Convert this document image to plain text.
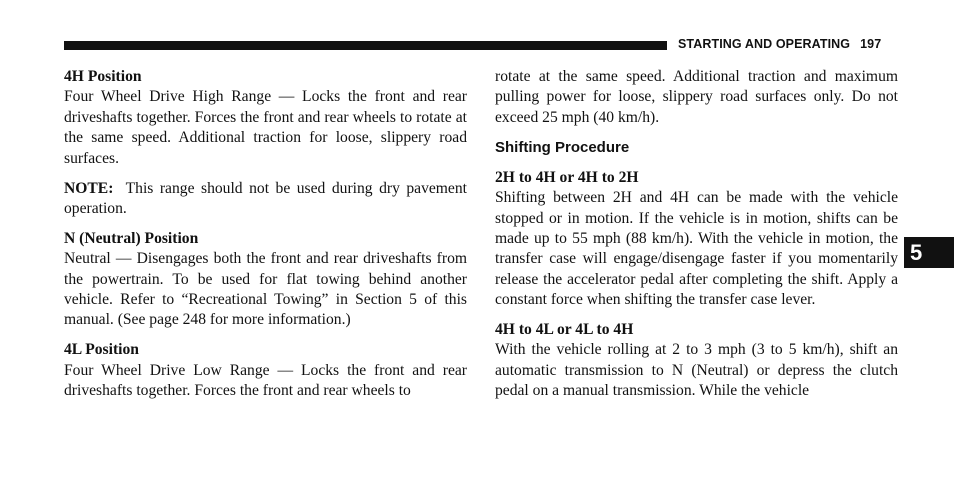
STARTING AND OPERATING 197
5
4H Position

Four Wheel Drive High Range — Locks the front and rear driveshafts together. Forces the front and rear wheels to rotate at the same speed. Additional traction for loose, slippery road surfaces.

NOTE: This range should not be used during dry pavement operation.

N (Neutral) Position

Neutral — Disengages both the front and rear driveshafts from the powertrain. To be used for flat towing behind another vehicle. Refer to “Recreational Towing” in Section 5 of this manual. (See page 248 for more information.)

4L Position

Four Wheel Drive Low Range — Locks the front and rear driveshafts together. Forces the front and rear wheels to

rotate at the same speed. Additional traction and maximum pulling power for loose, slippery road surfaces only. Do not exceed 25 mph (40 km/h).

Shifting Procedure
2H to 4H or 4H to 2H

Shifting between 2H and 4H can be made with the vehicle stopped or in motion. If the vehicle is in motion, shifts can be made up to 55 mph (88 km/h). With the vehicle in motion, the transfer case will engage/disengage faster if you momentarily release the accelerator pedal after completing the shift. Apply a constant force when shifting the transfer case lever.

4H to 4L or 4L to 4H

With the vehicle rolling at 2 to 3 mph (3 to 5 km/h), shift an automatic transmission to N (Neutral) or depress the clutch pedal on a manual transmission. While the vehicle
